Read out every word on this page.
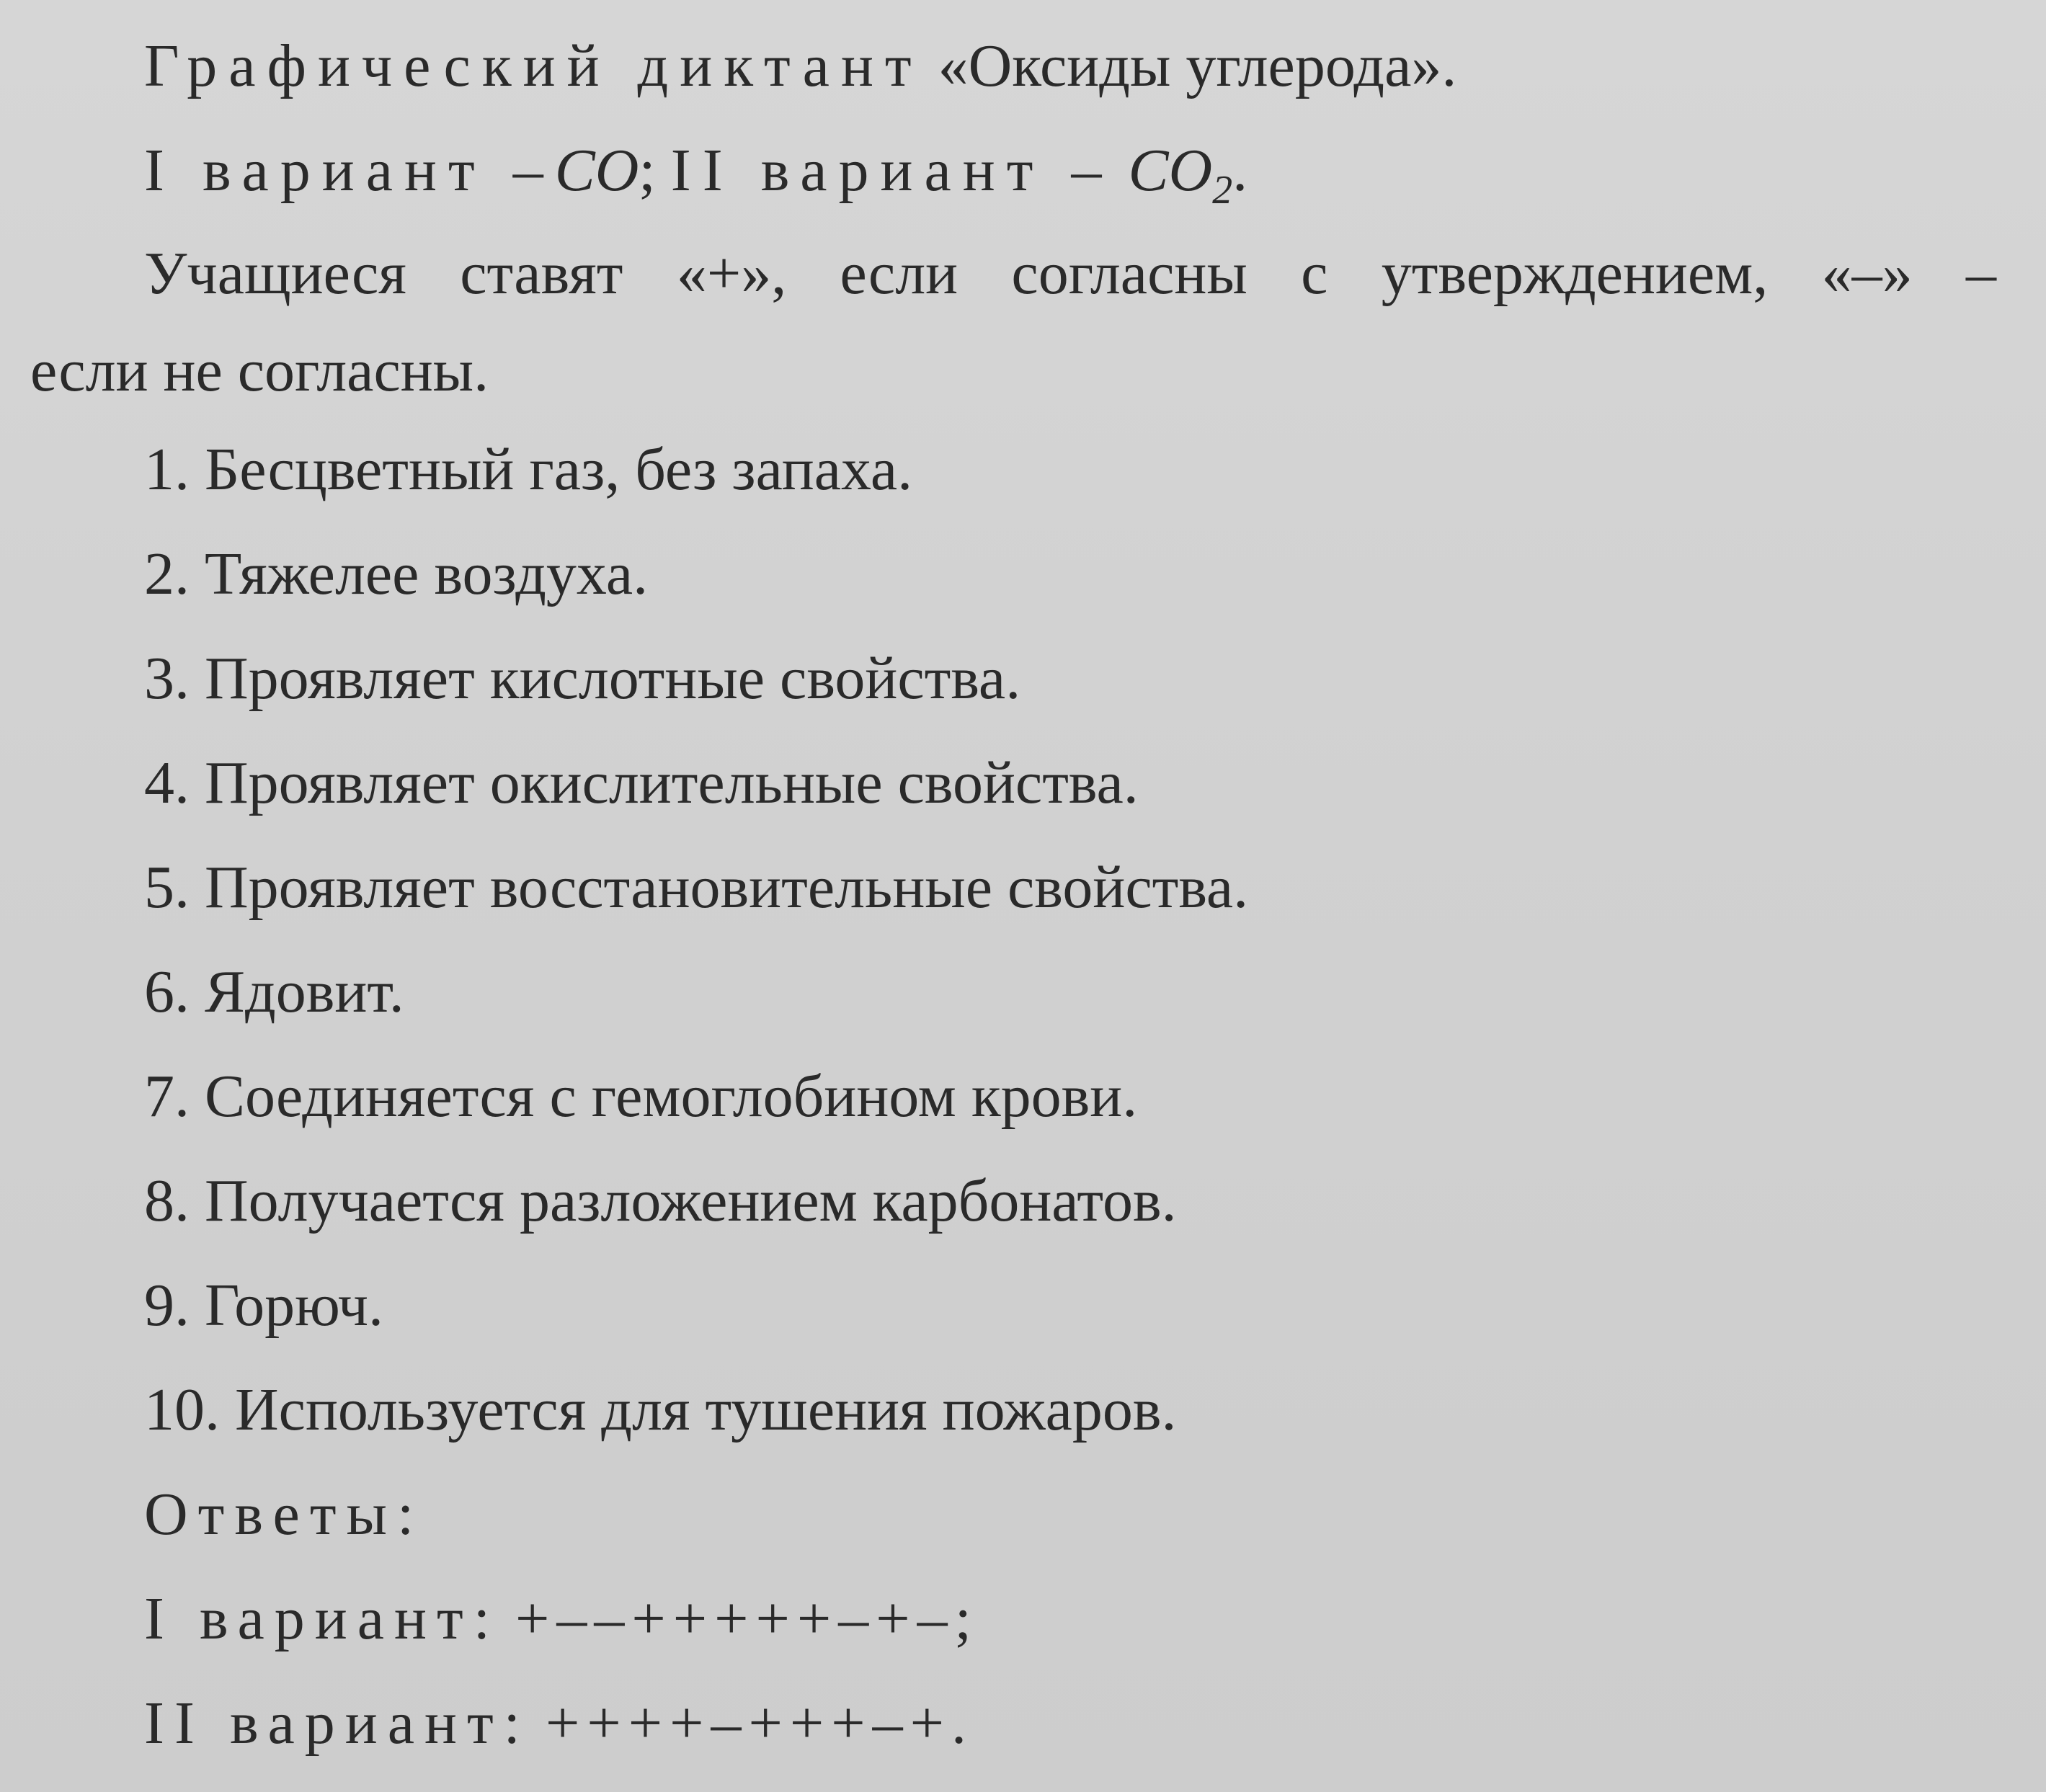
Графический диктант «Оксиды углерода».
I вариант –CO; II вариант – $CO_2$.
Учащиеся ставят «+», если согласны с утверждением, «–» –
если не согласны.
1. Бесцветный газ, без запаха.
2. Тяжелее воздуха.
3. Проявляет кислотные свойства.
4. Проявляет окислительные свойства.
5. Проявляет восстановительные свойства.
6. Ядовит.
7. Соединяется с гемоглобином крови.
8. Получается разложением карбонатов.
9. Горюч.
10. Используется для тушения пожаров.
Ответы:
I вариант: +––+++++–+–;
II вариант: ++++–+++–+.
